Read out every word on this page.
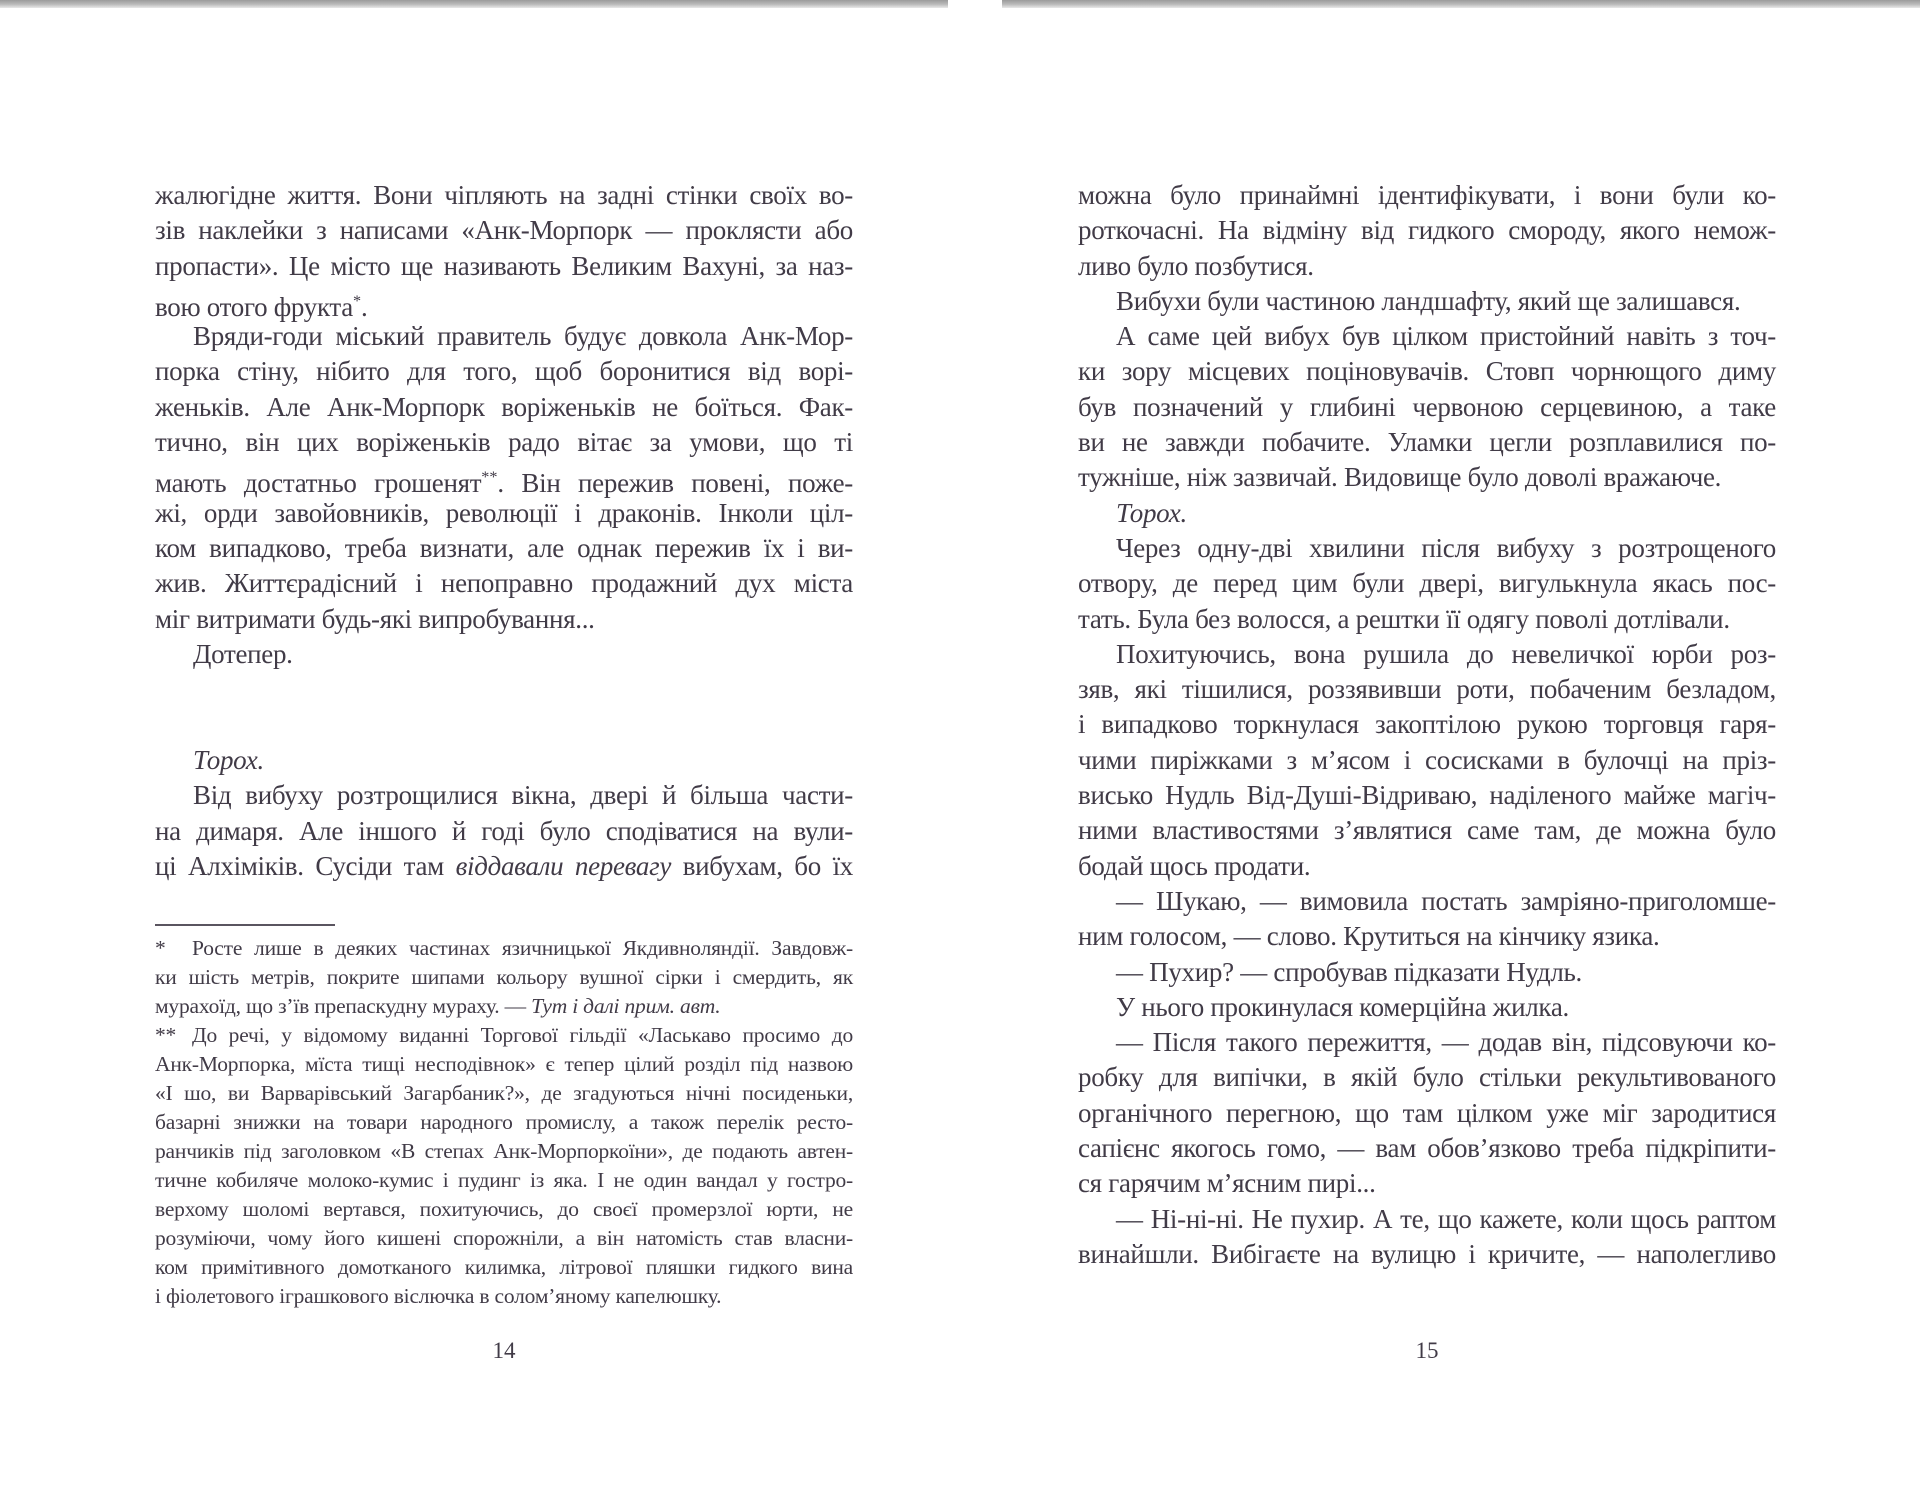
жалюгідне життя. Вони чіпляють на задні стінки своїх во-
зів наклейки з написами «Анк-Морпорк — проклясти або
пропасти». Це місто ще називають Великим Вахуні, за наз-
вою отого фрукта*.
Вряди-годи міський правитель будує довкола Анк-Мор-
порка стіну, нібито для того, щоб боронитися від ворі-
женьків. Але Анк-Морпорк воріженьків не боїться. Фак-
тично, він цих воріженьків радо вітає за умови, що ті
мають достатньо грошенят**. Він пережив повені, поже-
жі, орди завойовників, революції і драконів. Інколи ціл-
ком випадково, треба визнати, але однак пережив їх і ви-
жив. Життєрадісний і непоправно продажний дух міста
міг витримати будь-які випробування...
Дотепер.
Торох.
Від вибуху розтрощилися вікна, двері й більша части-
на димаря. Але іншого й годі було сподіватися на вули-
ці Алхіміків. Сусіди там віддавали перевагу вибухам, бо їх
* Росте лише в деяких частинах язичницької Якдивноляндії. Завдовж-
ки шість метрів, покрите шипами кольору вушної сірки і смердить, як
мурахоїд, що з’їв препаскудну мураху. — Тут і далі прим. авт.
** До речі, у відомому виданні Торгової гільдії «Ласькаво просимо до
Анк-Морпорка, мїста тищі несподівнок» є тепер цілий розділ під назвою
«І шо, ви Варварівський Загарбаник?», де згадуються нічні посиденьки,
базарні знижки на товари народного промислу, а також перелік ресто-
ранчиків під заголовком «В степах Анк-Морпоркоїни», де подають автен-
тичне кобиляче молоко-кумис і пудинг із яка. І не один вандал у гостро-
верхому шоломі вертався, похитуючись, до своєї промерзлої юрти, не
розуміючи, чому його кишені спорожніли, а він натомість став власни-
ком примітивного домотканого килимка, літрової пляшки гидкого вина
і фіолетового іграшкового віслючка в солом’яному капелюшку.
14
можна було принаймні ідентифікувати, і вони були ко-
роткочасні. На відміну від гидкого смороду, якого немож-
ливо було позбутися.
Вибухи були частиною ландшафту, який ще залишався.
А саме цей вибух був цілком пристойний навіть з точ-
ки зору місцевих поціновувачів. Стовп чорнющого диму
був позначений у глибині червоною серцевиною, а таке
ви не завжди побачите. Уламки цегли розплавилися по-
тужніше, ніж зазвичай. Видовище було доволі вражаюче.
Торох.
Через одну-дві хвилини після вибуху з розтрощеного
отвору, де перед цим були двері, вигулькнула якась пос-
тать. Була без волосся, а рештки її одягу поволі дотлівали.
Похитуючись, вона рушила до невеличкої юрби роз-
зяв, які тішилися, роззявивши роти, побаченим безладом,
і випадково торкнулася закоптілою рукою торговця гаря-
чими пиріжками з м’ясом і сосисками в булочці на пріз-
висько Нудль Від-Душі-Відриваю, наділеного майже магіч-
ними властивостями з’являтися саме там, де можна було
бодай щось продати.
— Шукаю, — вимовила постать замріяно-приголомше-
ним голосом, — слово. Крутиться на кінчику язика.
— Пухир? — спробував підказати Нудль.
У нього прокинулася комерційна жилка.
— Після такого пережиття, — додав він, підсовуючи ко-
робку для випічки, в якій було стільки рекультивованого
органічного перегною, що там цілком уже міг зародитися
сапієнс якогось гомо, — вам обов’язково треба підкріпити-
ся гарячим м’ясним пирі...
— Ні-ні-ні. Не пухир. А те, що кажете, коли щось раптом
винайшли. Вибігаєте на вулицю і кричите, — наполегливо
15
